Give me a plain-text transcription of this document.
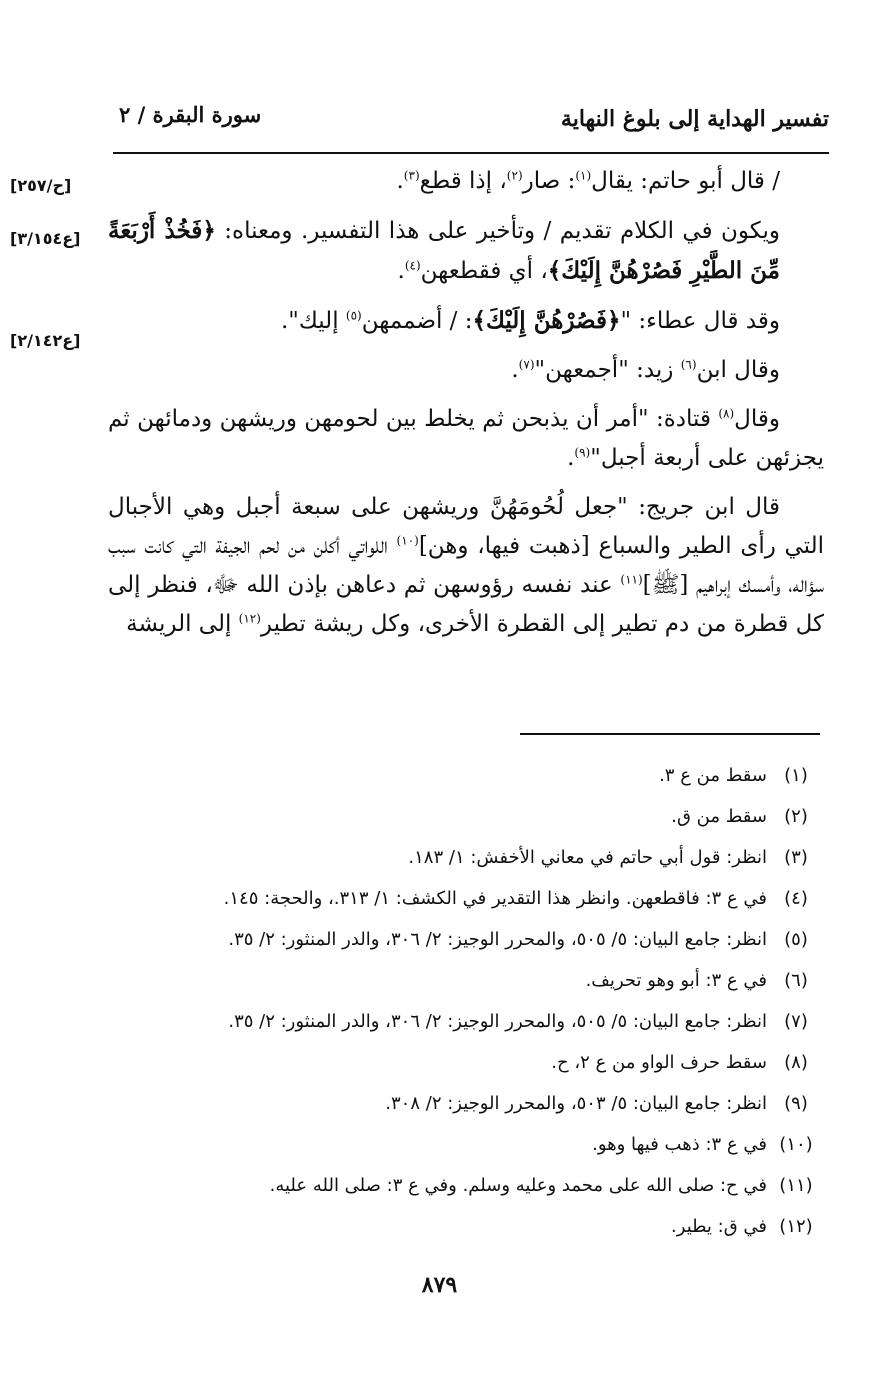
تفسير الهداية إلى بلوغ النهاية
سورة البقرة / ٢
[ح/٢٥٧]
[ع٣/١٥٤]
[ع٢/١٤٢]

/ قال أبو حاتم: يقال$^{(١)}$: صار$^{(٢)}$، إذا قطع$^{(٣)}$.

ويكون في الكلام تقديم / وتأخير على هذا التفسير. ومعناه: ﴿فَخُذْ أَرْبَعَةً مِّنَ الطَّيْرِ فَصُرْهُنَّ إِلَيْكَ﴾، أي فقطعهن$^{(٤)}$.

وقد قال عطاء: "﴿فَصُرْهُنَّ إِلَيْكَ﴾: / أضممهن$^{(٥)}$ إليك".

وقال ابن$^{(٦)}$ زيد: "أجمعهن"$^{(٧)}$.

وقال$^{(٨)}$ قتادة: "أمر أن يذبحن ثم يخلط بين لحومهن وريشهن ودمائهن ثم يجزئهن على أربعة أجبل"$^{(٩)}$.

قال ابن جريج: "جعل لُحُومَهُنَّ وريشهن على سبعة أجبل وهي الأجبال التي رأى الطير والسباع [ذهبت فيها، وهن]$^{(١٠)}$ اللواتي أكلن من لحم الجيفة التي كانت سبب سؤاله، وأمسك إبراهيم [ﷺ]$^{(١١)}$ عند نفسه رؤوسهن ثم دعاهن بإذن الله ﷻ، فنظر إلى كل قطرة من دم تطير إلى القطرة الأخرى، وكل ريشة تطير$^{(١٢)}$ إلى الريشة

(١)سقط من ع ٣.
(٢)سقط من ق.
(٣)انظر: قول أبي حاتم في معاني الأخفش: ١/ ١٨٣.
(٤)في ع ٣: فاقطعهن. وانظر هذا التقدير في الكشف: ١/ ٣١٣.، والحجة: ١٤٥.
(٥)انظر: جامع البيان: ٥/ ٥٠٥، والمحرر الوجيز: ٢/ ٣٠٦، والدر المنثور: ٢/ ٣٥.
(٦)في ع ٣: أبو وهو تحريف.
(٧)انظر: جامع البيان: ٥/ ٥٠٥، والمحرر الوجيز: ٢/ ٣٠٦، والدر المنثور: ٢/ ٣٥.
(٨)سقط حرف الواو من ع ٢، ح.
(٩)انظر: جامع البيان: ٥/ ٥٠٣، والمحرر الوجيز: ٢/ ٣٠٨.
(١٠)في ع ٣: ذهب فيها وهو.
(١١)في ح: صلى الله على محمد وعليه وسلم. وفي ع ٣: صلى الله عليه.
(١٢)في ق: يطير.
٨٧٩
